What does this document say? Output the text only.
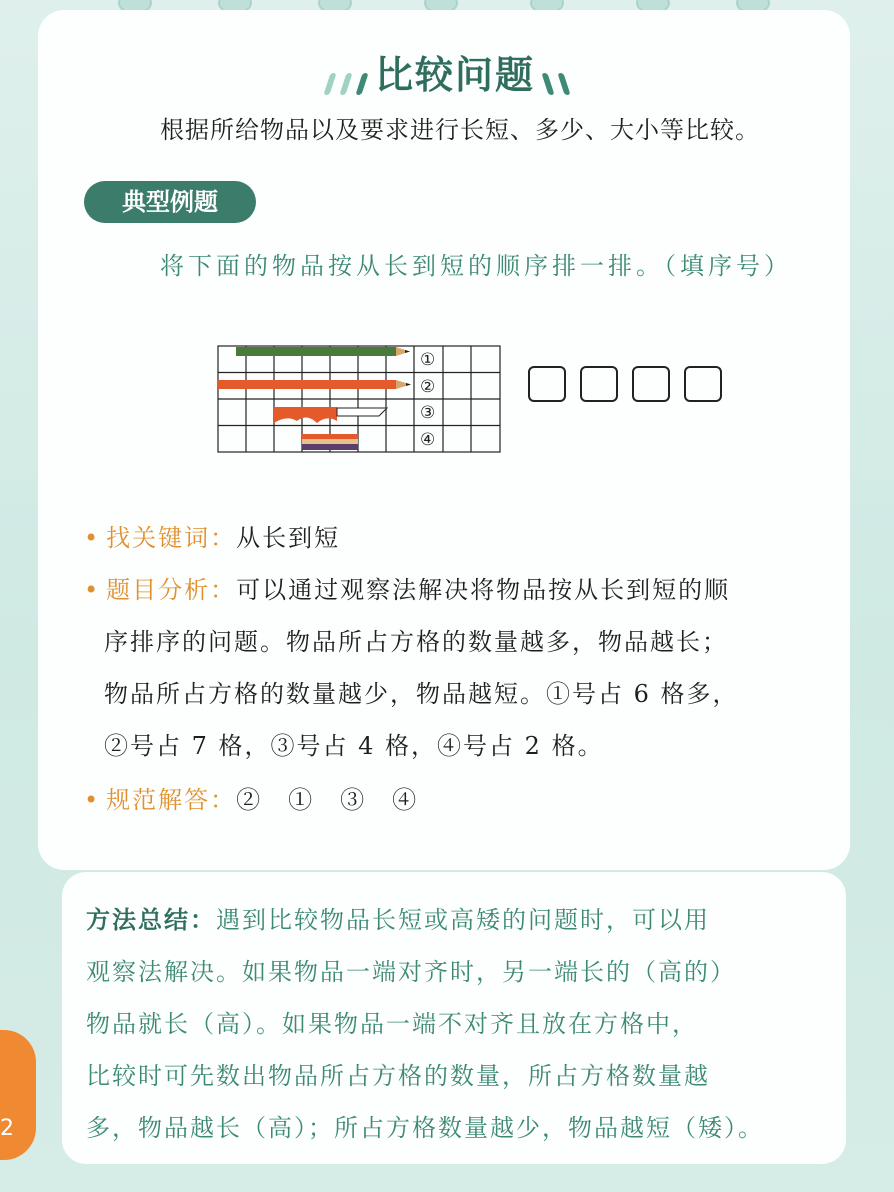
比较问题
根据所给物品以及要求进行长短、多少、大小等比较。
典型例题
将下面的物品按从长到短的顺序排一排。（填序号）
①
②
③
④
• 找关键词：从长到短
• 题目分析：可以通过观察法解决将物品按从长到短的顺
序排序的问题。物品所占方格的数量越多，物品越长；
物品所占方格的数量越少，物品越短。①号占 6 格多，
②号占 7 格，③号占 4 格，④号占 2 格。
• 规范解答：②　①　③　④
方法总结：遇到比较物品长短或高矮的问题时，可以用
观察法解决。如果物品一端对齐时，另一端长的（高的）
物品就长（高）。如果物品一端不对齐且放在方格中，
比较时可先数出物品所占方格的数量，所占方格数量越
多，物品越长（高）；所占方格数量越少，物品越短（矮）。
2
